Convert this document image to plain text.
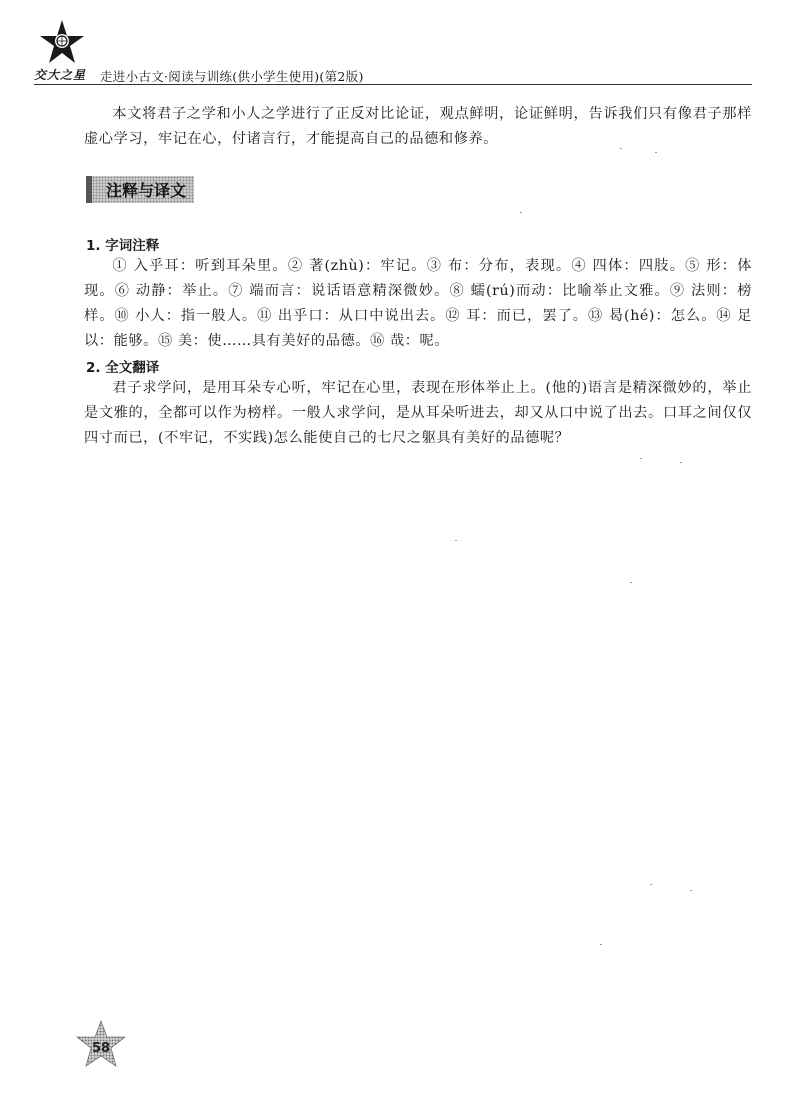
交大之星 走进小古文·阅读与训练(供小学生使用)(第2版)

本文将君子之学和小人之学进行了正反对比论证，观点鲜明，论证鲜明，告诉我们只有像君子那样虚心学习，牢记在心，付诸言行，才能提高自己的品德和修养。

注释与译文
1. 字词注释

① 入乎耳：听到耳朵里。② 著(zhù)：牢记。③ 布：分布，表现。④ 四体：四肢。⑤ 形：体现。⑥ 动静：举止。⑦ 端而言：说话语意精深微妙。⑧ 蠕(rú)而动：比喻举止文雅。⑨ 法则：榜样。⑩ 小人：指一般人。⑪ 出乎口：从口中说出去。⑫ 耳：而已，罢了。⑬ 曷(hé)：怎么。⑭ 足以：能够。⑮ 美：使……具有美好的品德。⑯ 哉：呢。

2. 全文翻译

君子求学问，是用耳朵专心听，牢记在心里，表现在形体举止上。(他的)语言是精深微妙的，举止是文雅的，全都可以作为榜样。一般人求学问，是从耳朵听进去，却又从口中说了出去。口耳之间仅仅四寸而已，(不牢记，不实践)怎么能使自己的七尺之躯具有美好的品德呢？

58
